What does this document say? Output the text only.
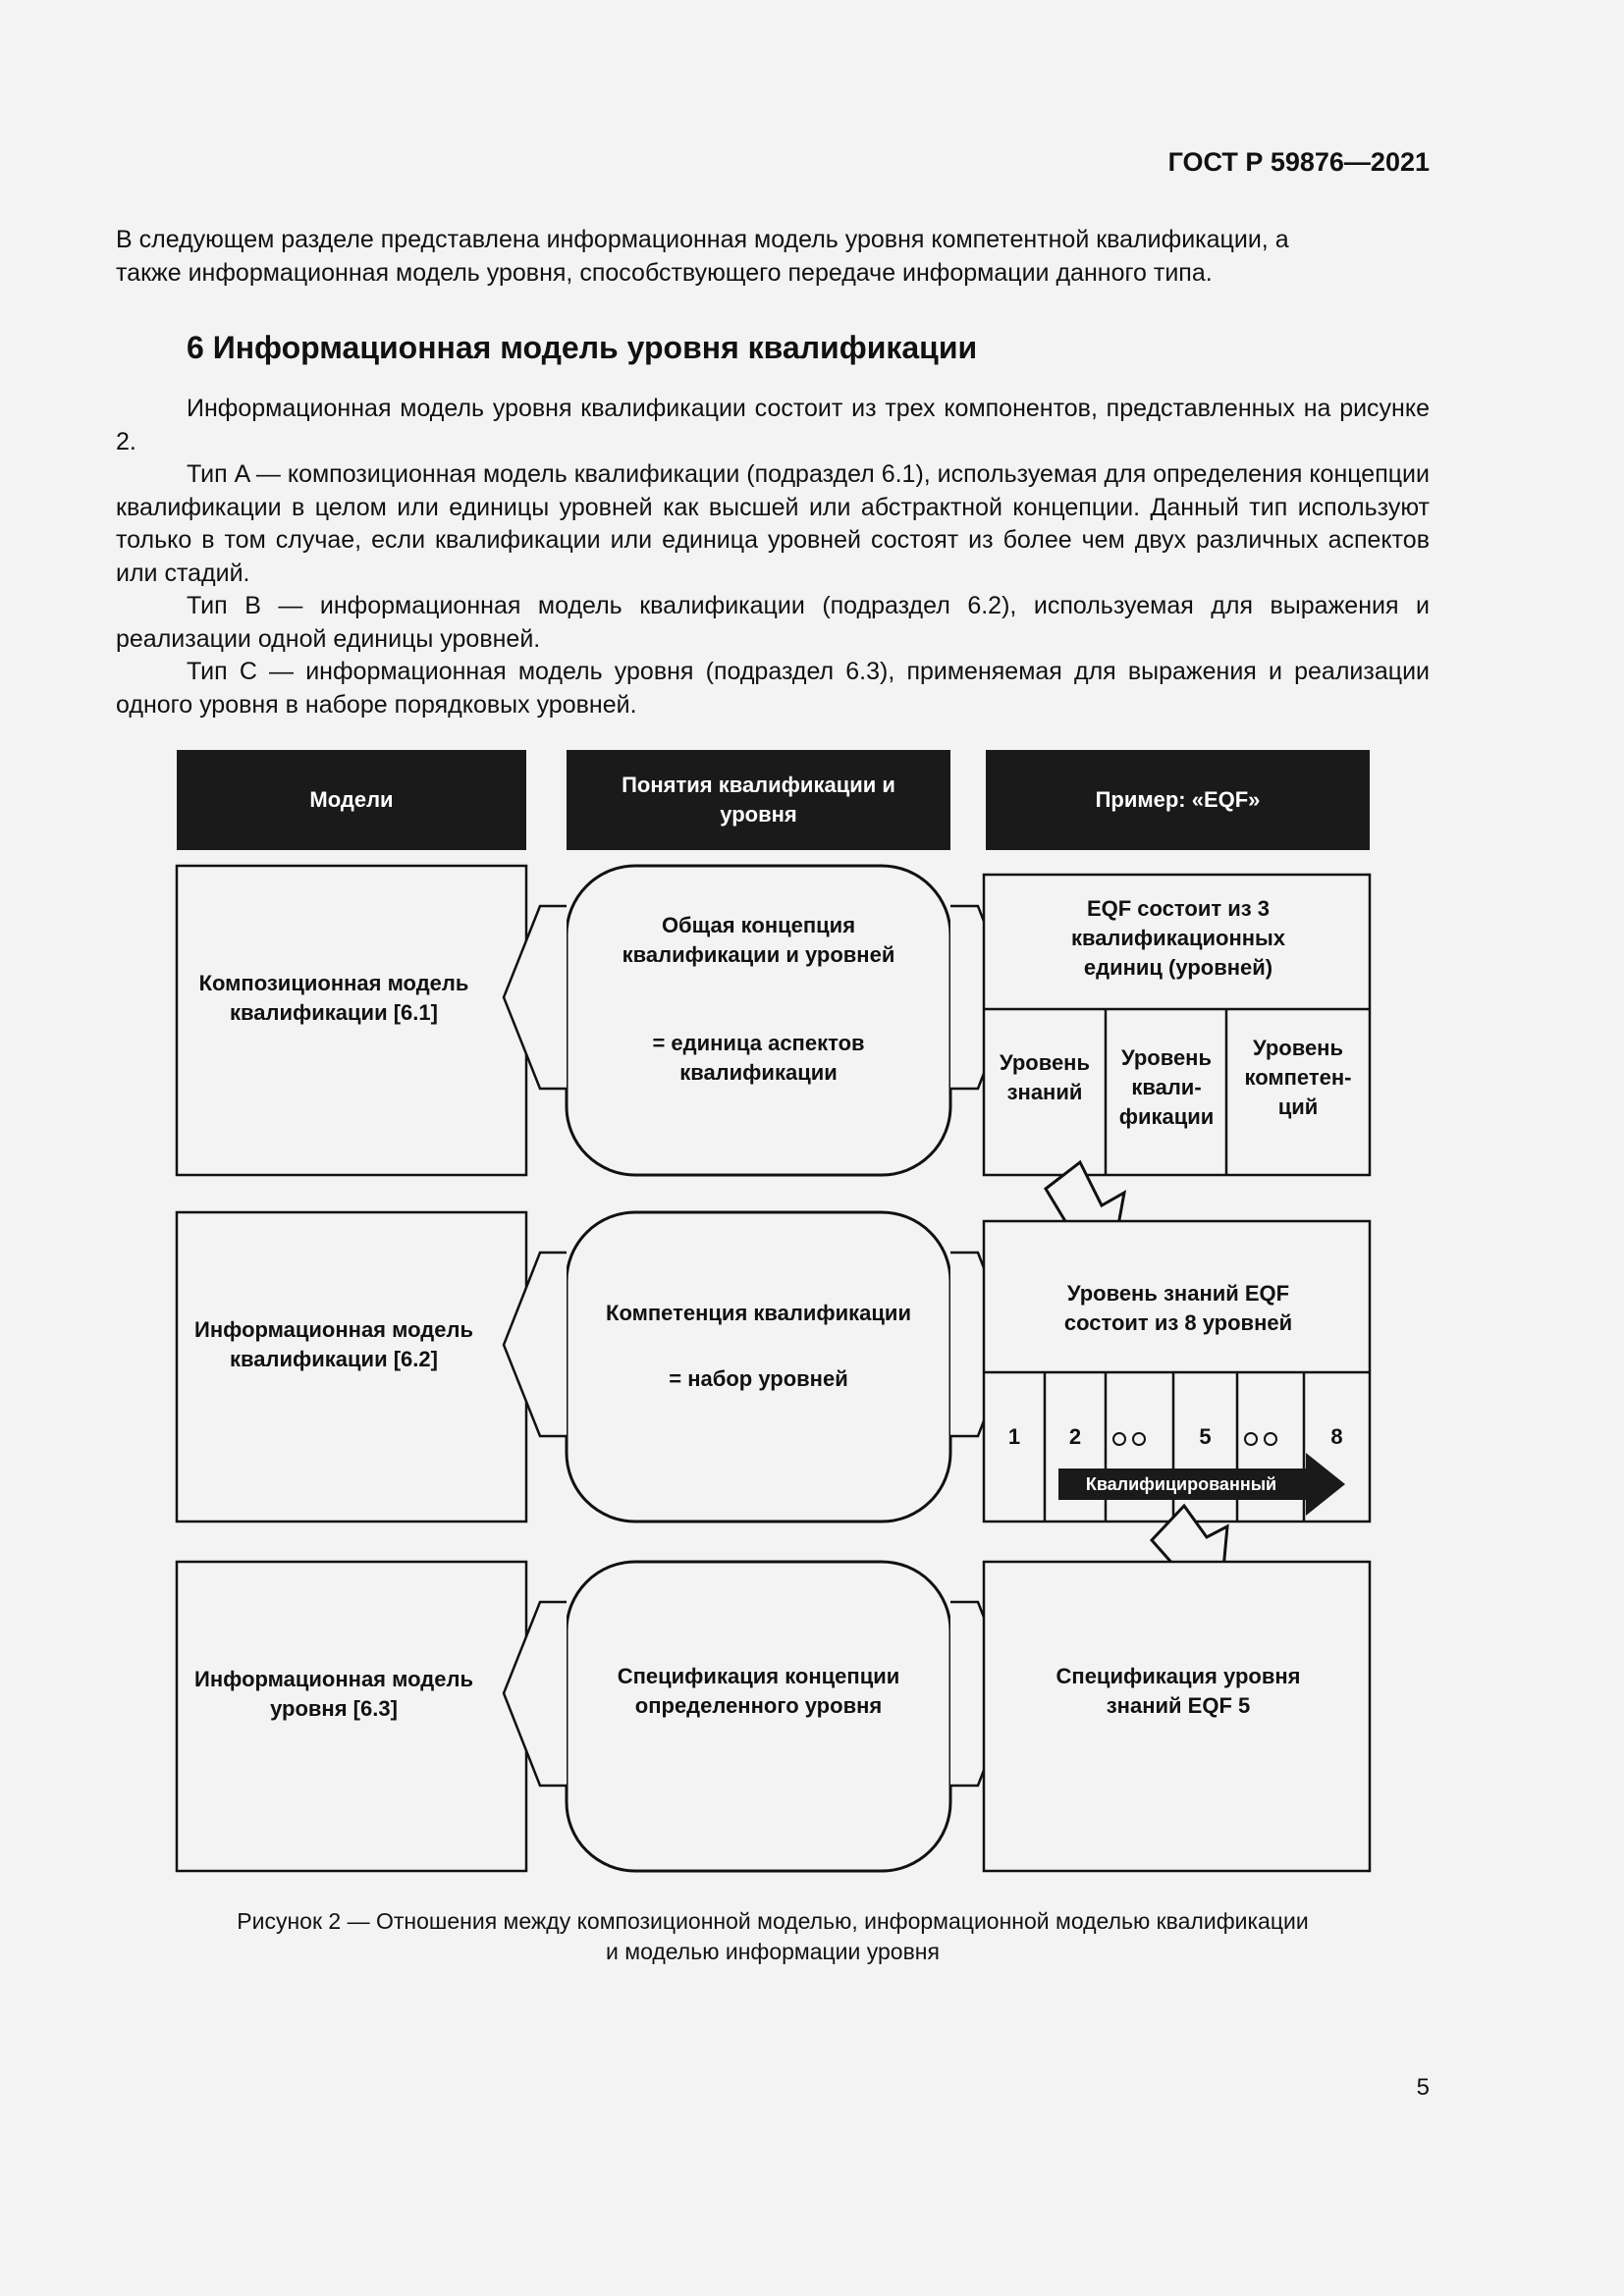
ГОСТ Р 59876—2021

В следующем разделе представлена информационная модель уровня компетентной квалификации, а

также информационная модель уровня, способствующего передаче информации данного типа.

6 Информационная модель уровня квалификации

Информационная модель уровня квалификации состоит из трех компонентов, представленных на рисунке 2.

Тип A — композиционная модель квалификации (подраздел 6.1), используемая для определения концепции квалификации в целом или единицы уровней как высшей или абстрактной концепции. Данный тип используют только в том случае, если квалификации или единица уровней состоят из более чем двух различных аспектов или стадий.

Тип B — информационная модель квалификации (подраздел 6.2), используемая для выражения и реализации одной единицы уровней.

Тип C — информационная модель уровня (подраздел 6.3), применяемая для выражения и реализации одного уровня в наборе порядковых уровней.

Модели
Понятия квалификации и уровня
Пример: «EQF»
Композиционная модель квалификации [6.1]
Информационная модель квалификации [6.2]
Информационная модель уровня [6.3]
Общая концепция квалификации и уровней
= единица аспектов квалификации
Компетенция квалификации
= набор уровней
Спецификация концепции определенного уровня
EQF состоит из 3 квалификационных единиц (уровней)
Уровень знаний
Уровень квали-фикации
Уровень компетен-ций
Уровень знаний EQF состоит из 8 уровней
1	2	5	8
Квалифицированный
Спецификация уровня знаний EQF 5
Рисунок 2 — Отношения между композиционной моделью, информационной моделью квалификации
и моделью информации уровня
5
